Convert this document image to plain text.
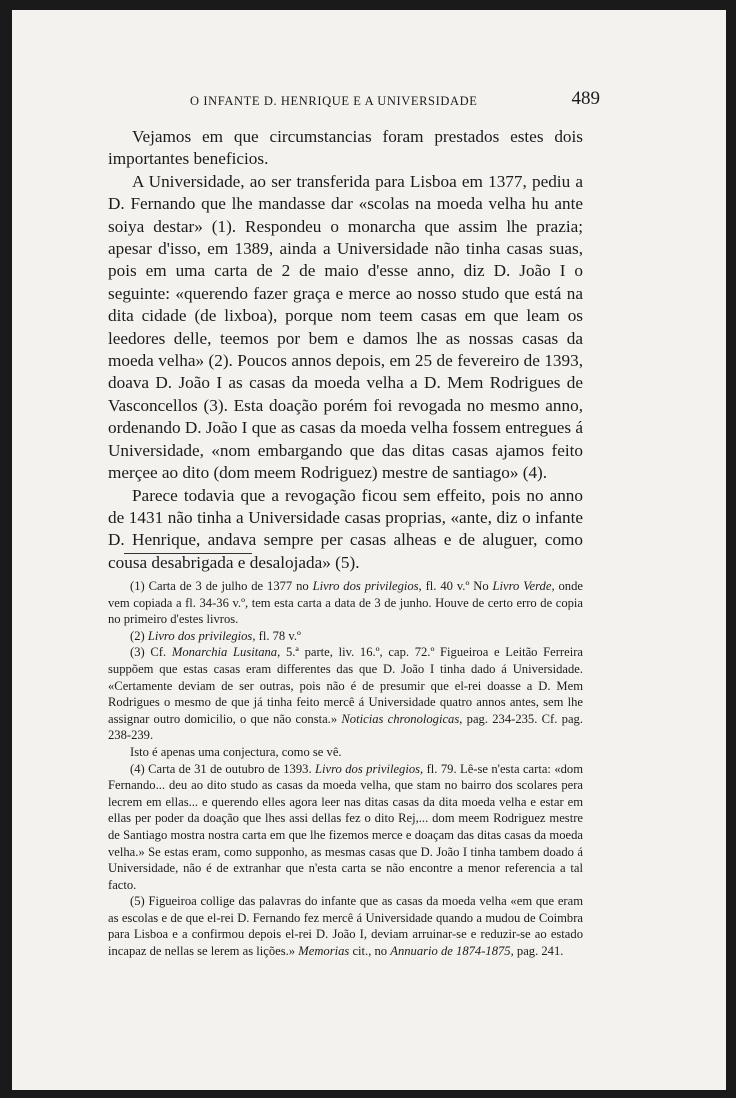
O INFANTE D. HENRIQUE E A UNIVERSIDADE	489

Vejamos em que circumstancias foram prestados estes dois importantes beneficios.

A Universidade, ao ser transferida para Lisboa em 1377, pediu a D. Fernando que lhe mandasse dar «scolas na moeda velha hu ante soiya destar» (1). Respondeu o monarcha que assim lhe prazia; apesar d'isso, em 1389, ainda a Universidade não tinha casas suas, pois em uma carta de 2 de maio d'esse anno, diz D. João I o seguinte: «querendo fazer graça e merce ao nosso studo que está na dita cidade (de lixboa), porque nom teem casas em que leam os leedores delle, teemos por bem e damos lhe as nossas casas da moeda velha» (2). Poucos annos depois, em 25 de fevereiro de 1393, doava D. João I as casas da moeda velha a D. Mem Rodrigues de Vasconcellos (3). Esta doação porém foi revogada no mesmo anno, ordenando D. João I que as casas da moeda velha fossem entregues á Universidade, «nom embargando que das ditas casas ajamos feito merçee ao dito (dom meem Rodriguez) mestre de santiago» (4).

Parece todavia que a revogação ficou sem effeito, pois no anno de 1431 não tinha a Universidade casas proprias, «ante, diz o infante D. Henrique, andava sempre per casas alheas e de aluguer, como cousa desabrigada e desalojada» (5).

(1) Carta de 3 de julho de 1377 no Livro dos privilegios, fl. 40 v.º No Livro Verde, onde vem copiada a fl. 34-36 v.º, tem esta carta a data de 3 de junho. Houve de certo erro de copia no primeiro d'estes livros.

(2) Livro dos privilegios, fl. 78 v.º

(3) Cf. Monarchia Lusitana, 5.ª parte, liv. 16.º, cap. 72.º Figueiroa e Leitão Ferreira suppõem que estas casas eram differentes das que D. João I tinha dado á Universidade. «Certamente deviam de ser outras, pois não é de presumir que el-rei doasse a D. Mem Rodrigues o mesmo de que já tinha feito mercê á Universidade quatro annos antes, sem lhe assignar outro domicilio, o que não consta.» Noticias chronologicas, pag. 234-235. Cf. pag. 238-239.

Isto é apenas uma conjectura, como se vê.

(4) Carta de 31 de outubro de 1393. Livro dos privilegios, fl. 79. Lê-se n'esta carta: «dom Fernando... deu ao dito studo as casas da moeda velha, que stam no bairro dos scolares pera lecrem em ellas... e querendo elles agora leer nas ditas casas da dita moeda velha e estar em ellas per poder da doação que lhes assi dellas fez o dito Rej,... dom meem Rodriguez mestre de Santiago mostra nostra carta em que lhe fizemos merce e doaçam das ditas casas da moeda velha.» Se estas eram, como supponho, as mesmas casas que D. João I tinha tambem doado á Universidade, não é de extranhar que n'esta carta se não encontre a menor referencia a tal facto.

(5) Figueiroa collige das palavras do infante que as casas da moeda velha «em que eram as escolas e de que el-rei D. Fernando fez mercê á Universidade quando a mudou de Coimbra para Lisboa e a confirmou depois el-rei D. João I, deviam arruinar-se e reduzir-se ao estado incapaz de nellas se lerem as lições.» Memorias cit., no Annuario de 1874-1875, pag. 241.
